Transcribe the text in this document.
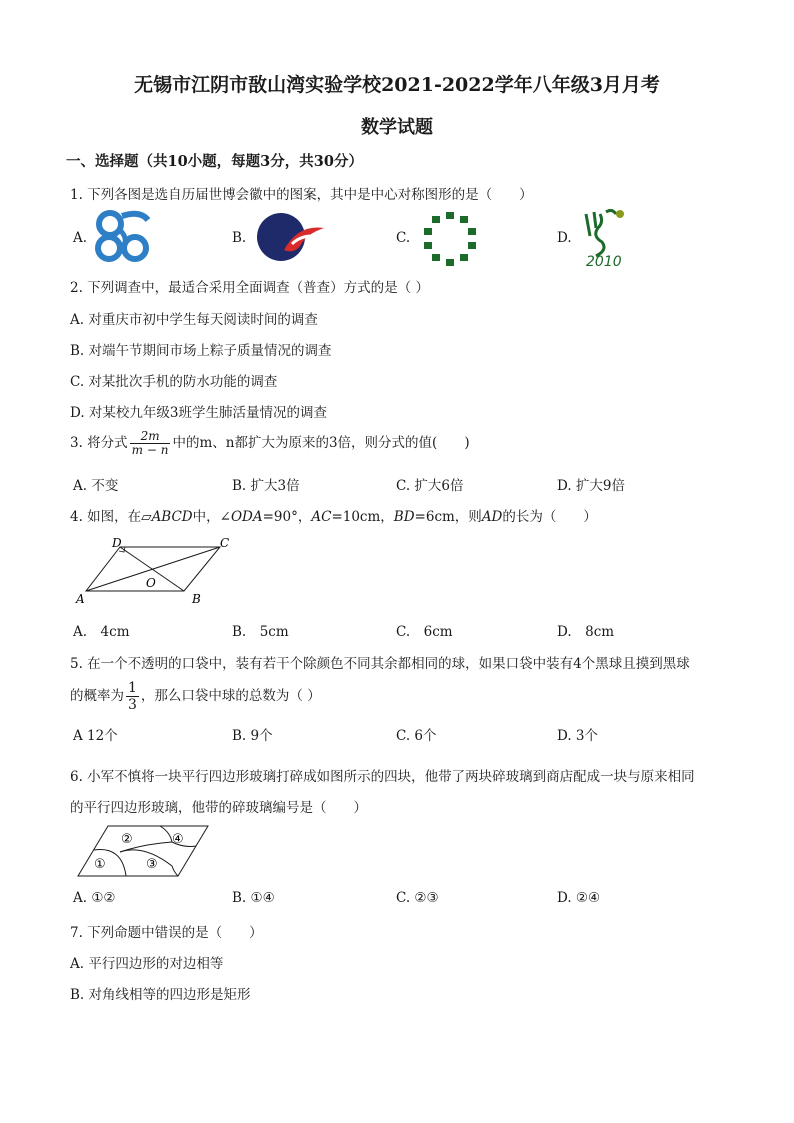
无锡市江阴市敔山湾实验学校2021-2022学年八年级3月月考
数学试题
一、选择题（共10小题，每题3分，共30分）
1. 下列各图是选自历届世博会徽中的图案，其中是中心对称图形的是（　　）
A.	B.	C.	D.
2010
2. 下列调查中，最适合采用全面调查（普查）方式的是（ ）
A. 对重庆市初中学生每天阅读时间的调查
B. 对端午节期间市场上粽子质量情况的调查
C. 对某批次手机的防水功能的调查
D. 对某校九年级3班学生肺活量情况的调查
3. 将分式 $\frac{2m}{m - n}$ 中的m、n都扩大为原来的3倍，则分式的值(　　)
A. 不变	B. 扩大3倍	C. 扩大6倍	D. 扩大9倍
4. 如图，在▱ABCD中，∠ODA=90°，AC=10cm，BD=6cm，则AD的长为（　　）
A	B
C
D
O
A.　4cm	B.　5cm	C.　6cm	D.　8cm
5. 在一个不透明的口袋中，装有若干个除颜色不同其余都相同的球，如果口袋中装有4个黑球且摸到黑球
的概率为 $\frac{1}{3}$ ，那么口袋中球的总数为（ ）
A 12个	B. 9个	C. 6个	D. 3个
6. 小军不慎将一块平行四边形玻璃打碎成如图所示的四块，他带了两块碎玻璃到商店配成一块与原来相同
的平行四边形玻璃，他带的碎玻璃编号是（　　）
①
②
③
④
A. ①②	B. ①④	C. ②③	D. ②④
7. 下列命题中错误的是（　　）
A. 平行四边形的对边相等
B. 对角线相等的四边形是矩形
